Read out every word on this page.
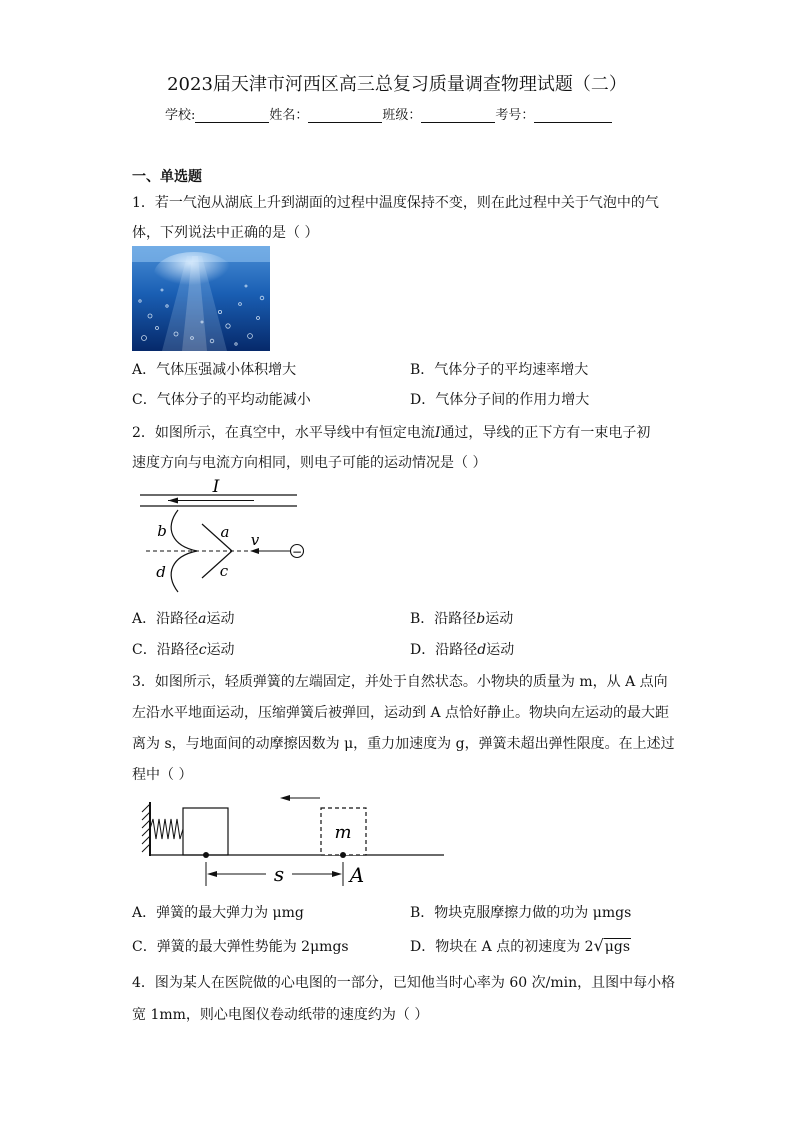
2023届天津市河西区高三总复习质量调查物理试题（二）
学校:	姓名：	班级：	考号：
一、单选题
1．若一气泡从湖底上升到湖面的过程中温度保持不变，则在此过程中关于气泡中的气
体，下列说法中正确的是（ ）
A．气体压强减小体积增大	B．气体分子的平均速率增大
C．气体分子的平均动能减小	D．气体分子间的作用力增大
2．如图所示，在真空中，水平导线中有恒定电流I通过，导线的正下方有一束电子初
速度方向与电流方向相同，则电子可能的运动情况是（ ）
I
−
v
a
b
c
d
A．沿路径a运动	B．沿路径b运动
C．沿路径c运动	D．沿路径d运动
3．如图所示，轻质弹簧的左端固定，并处于自然状态。小物块的质量为 m，从 A 点向
左沿水平地面运动，压缩弹簧后被弹回，运动到 A 点恰好静止。物块向左运动的最大距
离为 s，与地面间的动摩擦因数为 μ，重力加速度为 g，弹簧未超出弹性限度。在上述过
程中（ ）
m
s	A
A．弹簧的最大弹力为 μmg	B．物块克服摩擦力做的功为 μmgs
C．弹簧的最大弹性势能为 2μmgs	D．物块在 A 点的初速度为 2√μgs
4．图为某人在医院做的心电图的一部分，已知他当时心率为 60 次/min，且图中每小格
宽 1mm，则心电图仪卷动纸带的速度约为（ ）
